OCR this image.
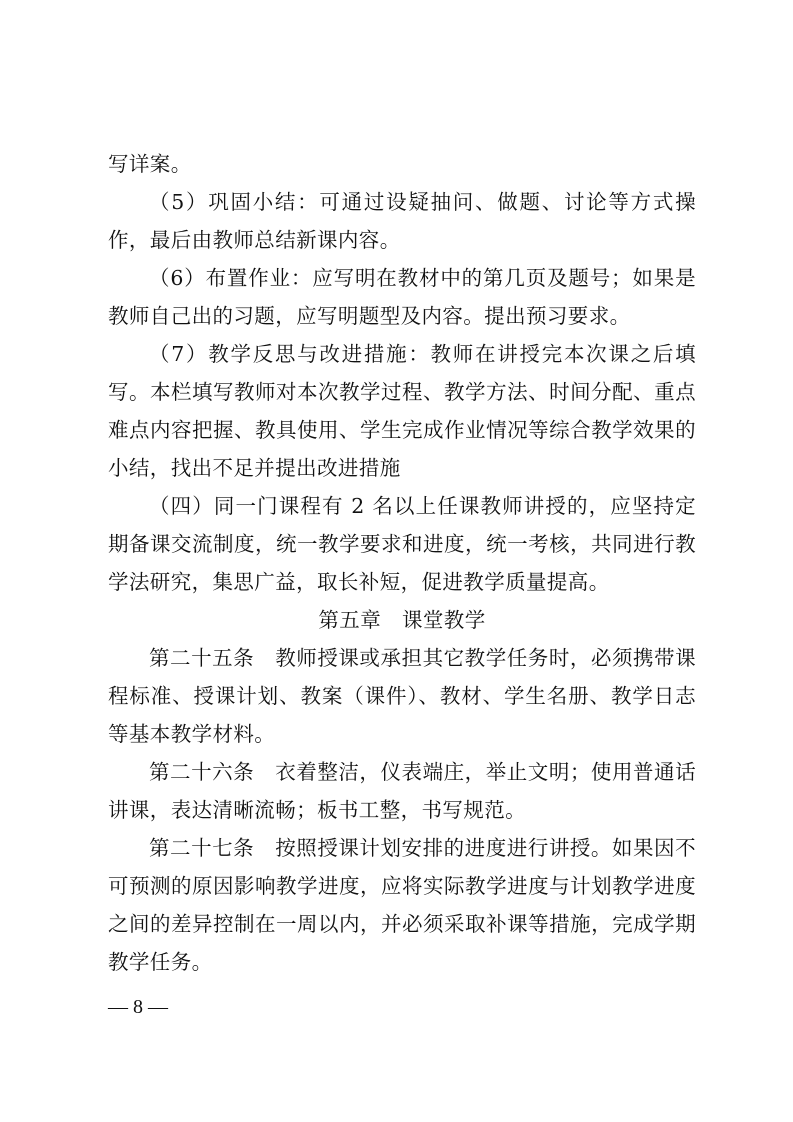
写详案。

（5）巩固小结：可通过设疑抽问、做题、讨论等方式操作，最后由教师总结新课内容。

（6）布置作业：应写明在教材中的第几页及题号；如果是教师自己出的习题，应写明题型及内容。提出预习要求。

（7）教学反思与改进措施：教师在讲授完本次课之后填写。本栏填写教师对本次教学过程、教学方法、时间分配、重点难点内容把握、教具使用、学生完成作业情况等综合教学效果的小结，找出不足并提出改进措施

（四）同一门课程有 2 名以上任课教师讲授的，应坚持定期备课交流制度，统一教学要求和进度，统一考核，共同进行教学法研究，集思广益，取长补短，促进教学质量提高。

第五章　课堂教学

第二十五条　教师授课或承担其它教学任务时，必须携带课程标准、授课计划、教案（课件）、教材、学生名册、教学日志等基本教学材料。

第二十六条　衣着整洁，仪表端庄，举止文明；使用普通话讲课，表达清晰流畅；板书工整，书写规范。

第二十七条　按照授课计划安排的进度进行讲授。如果因不可预测的原因影响教学进度，应将实际教学进度与计划教学进度之间的差异控制在一周以内，并必须采取补课等措施，完成学期教学任务。

— 8 —
